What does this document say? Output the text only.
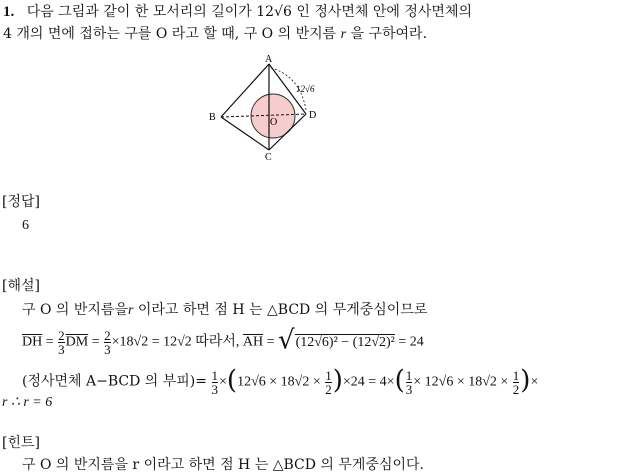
1. 다음 그림과 같이 한 모서리의 길이가 12√6 인 정사면체 안에 정사면체의
4 개의 면에 접하는 구를 O 라고 할 때, 구 O 의 반지름 r 을 구하여라.
A
B
C
D
O
12√6
[정답]
6
[해설]
구 O 의 반지름을r 이라고 하면 점 H 는 △BCD 의 무게중심이므로
$\overline{DH} = \frac{2}{3} \overline{DM} = \frac{2}{3} \times 18√2 = 12√2$ 따라서, $\overline{AH} = √(12√6)^2 - (12√2)^2 = 24$
(정사면체 A−BCD 의 부피)= $\frac{1}{3} \times(12√6 \times 18√2 \times \frac{1}{2} )\times 24 = 4\times( \frac{1}{3} \times 12√6 \times 18√2 \times \frac{1}{2}$ )×
r ∴ r = 6
[힌트]
구 O 의 반지름을 r 이라고 하면 점 H 는 △BCD 의 무게중심이다.
